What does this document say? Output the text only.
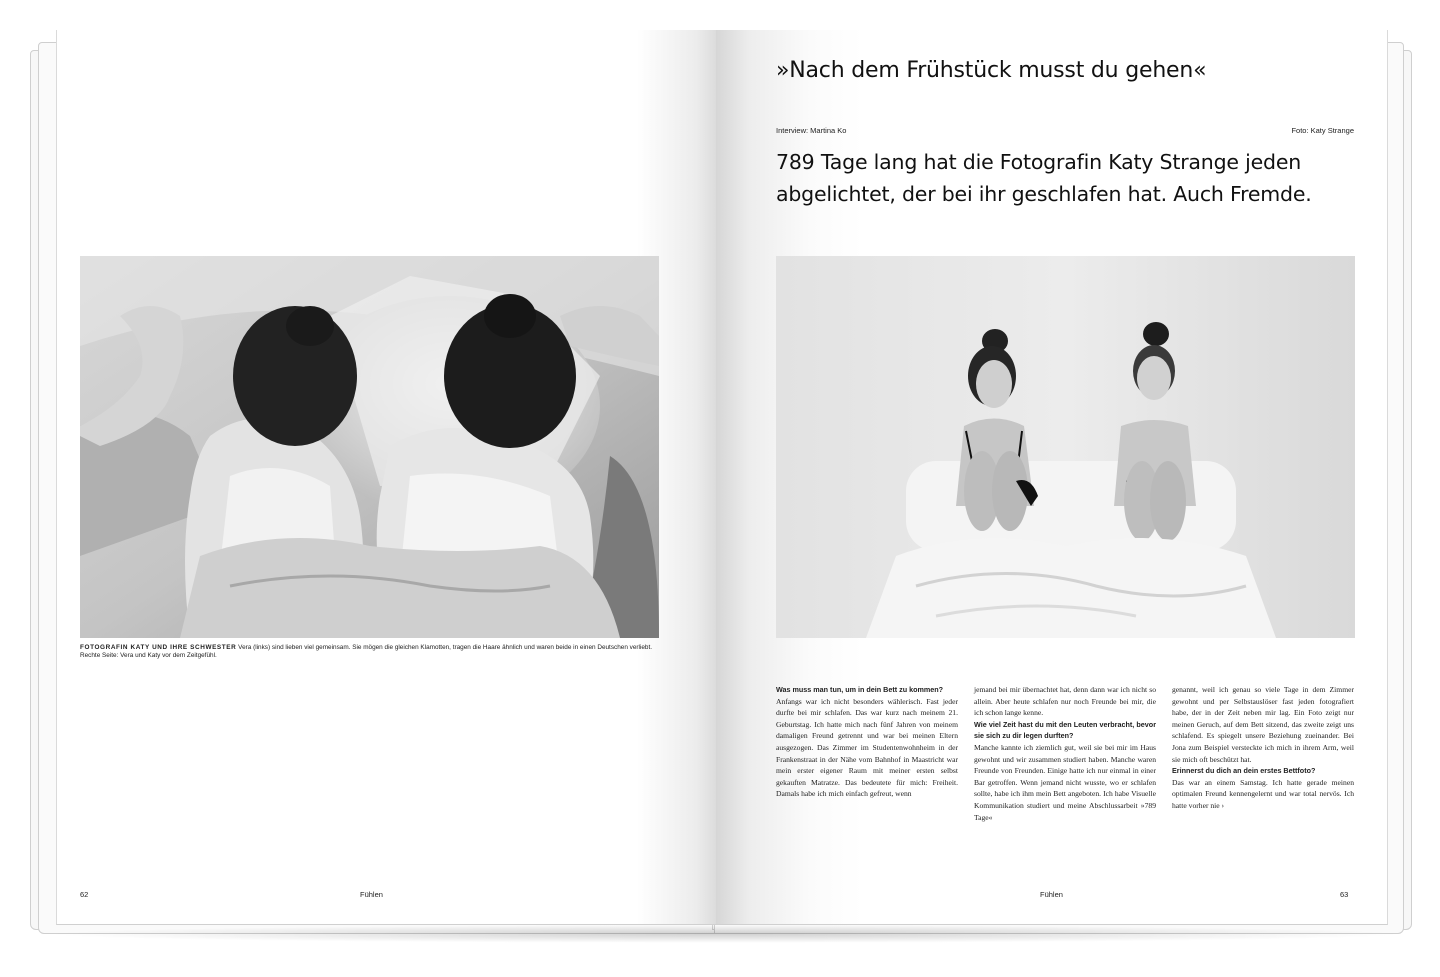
FOTOGRAFIN KATY UND IHRE SCHWESTER Vera (links) sind lieben viel gemeinsam. Sie mögen die gleichen Klamotten, tragen die Haare ähnlich und waren beide in einen Deutschen verliebt. Rechte Seite: Vera und Katy vor dem Zeitgefühl.
62	Fühlen
»Nach dem Frühstück musst du gehen«
Interview: Martina Ko	Foto: Katy Strange
789 Tage lang hat die Fotografin Katy Strange jeden abgelichtet, der bei ihr geschlafen hat. Auch Fremde.

Was muss man tun, um in dein Bett zu kommen?

Anfangs war ich nicht besonders wählerisch. Fast jeder durfte bei mir schlafen. Das war kurz nach meinem 21. Geburtstag. Ich hatte mich nach fünf Jahren von meinem damaligen Freund getrennt und war bei meinen Eltern ausgezogen. Das Zimmer im Studentenwohnheim in der Frankenstraat in der Nähe vom Bahnhof in Maastricht war mein erster eigener Raum mit meiner ersten selbst gekauften Matratze. Das bedeutete für mich: Freiheit. Damals habe ich mich einfach gefreut, wenn

jemand bei mir übernachtet hat, denn dann war ich nicht so allein. Aber heute schlafen nur noch Freunde bei mir, die ich schon lange kenne.

Wie viel Zeit hast du mit den Leuten verbracht, bevor sie sich zu dir legen durften?

Manche kannte ich ziemlich gut, weil sie bei mir im Haus gewohnt und wir zusammen studiert haben. Manche waren Freunde von Freunden. Einige hatte ich nur einmal in einer Bar getroffen. Wenn jemand nicht wusste, wo er schlafen sollte, habe ich ihm mein Bett angeboten. Ich habe Visuelle Kommunikation studiert und meine Abschlussarbeit »789 Tage«

genannt, weil ich genau so viele Tage in dem Zimmer gewohnt und per Selbstauslöser fast jeden fotografiert habe, der in der Zeit neben mir lag. Ein Foto zeigt nur meinen Geruch, auf dem Bett sitzend, das zweite zeigt uns schlafend. Es spiegelt unsere Beziehung zueinander. Bei Jona zum Beispiel versteckte ich mich in ihrem Arm, weil sie mich oft beschützt hat.

Erinnerst du dich an dein erstes Bettfoto?

Das war an einem Samstag. Ich hatte gerade meinen optimalen Freund kennengelernt und war total nervös. Ich hatte vorher nie ›

Fühlen	63
